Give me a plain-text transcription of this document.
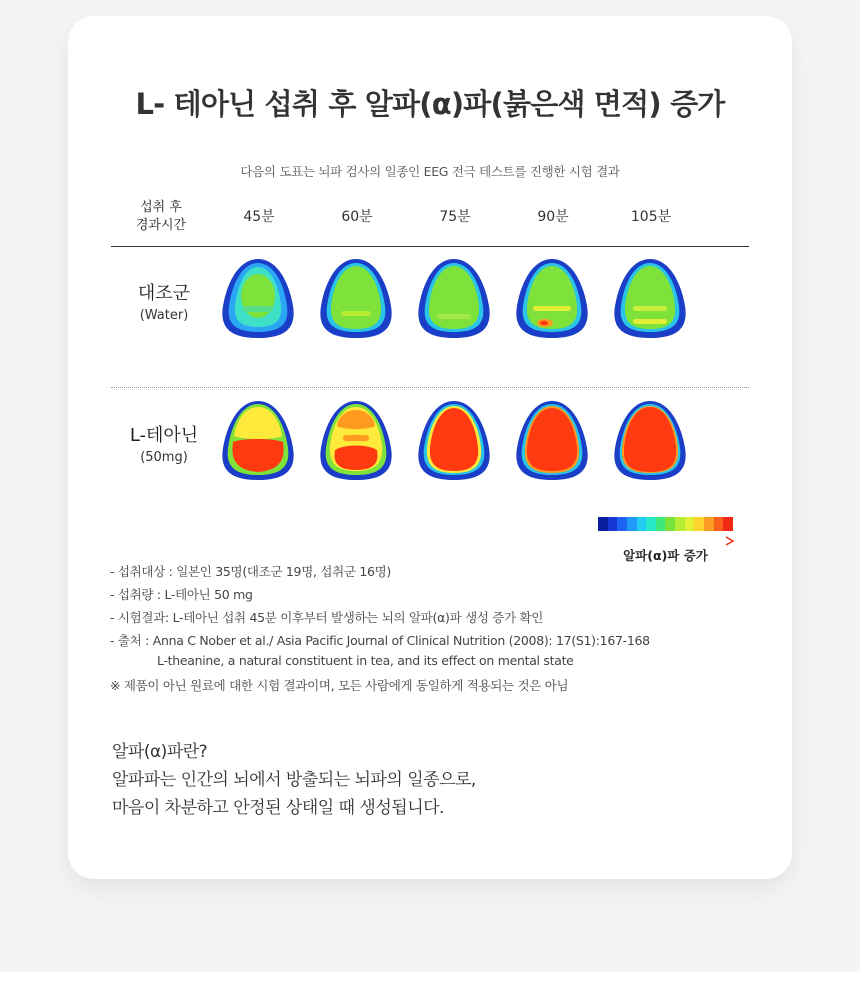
L- 테아닌 섭취 후 알파(α)파(붉은색 면적) 증가

다음의 도표는 뇌파 검사의 일종인 EEG 전극 테스트를 진행한 시험 결과

섭취 후
경과시간
45분	60분	75분	90분	105분
대조군
(Water)
L-테아닌
(50mg)
알파(α)파 증가
- 섭취대상 : 일본인 35명(대조군 19명, 섭취군 16명)
- 섭취량 : L-테아닌 50 mg
- 시험결과: L-테아닌 섭취 45분 이후부터 발생하는 뇌의 알파(α)파 생성 증가 확인
- 출처 : Anna C Nober et al./ Asia Pacific Journal of Clinical Nutrition (2008): 17(S1):167-168
L-theanine, a natural constituent in tea, and its effect on mental state
※ 제품이 아닌 원료에 대한 시험 결과이며, 모든 사람에게 동일하게 적용되는 것은 아님
알파(α)파란?
알파파는 인간의 뇌에서 방출되는 뇌파의 일종으로,
마음이 차분하고 안정된 상태일 때 생성됩니다.
